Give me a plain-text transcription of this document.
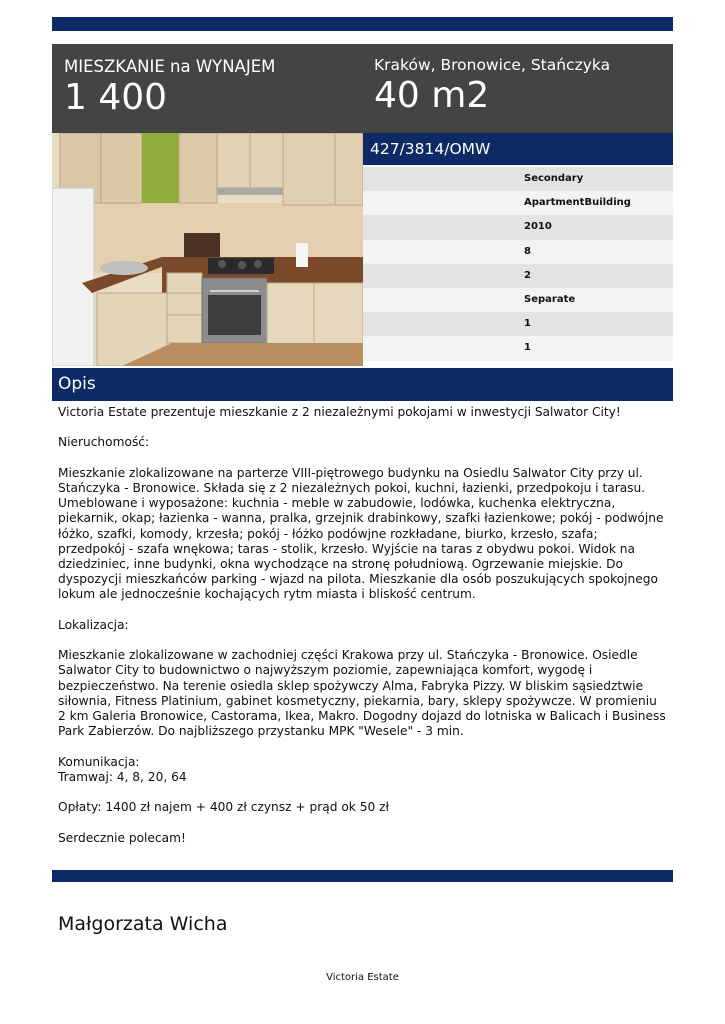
MIESZKANIE na WYNAJEM
1 400
Kraków, Bronowice, Stańczyka
40 m2
427/3814/OMW
Secondary
ApartmentBuilding
2010
8
2
Separate
1
1
Opis

Victoria Estate prezentuje mieszkanie z 2 niezależnymi pokojami w inwestycji Salwator City!

Nieruchomość:

Mieszkanie zlokalizowane na parterze VIII-piętrowego budynku na Osiedlu Salwator City przy ul.
Stańczyka - Bronowice. Składa się z 2 niezależnych pokoi, kuchni, łazienki, przedpokoju i tarasu.
Umeblowane i wyposażone: kuchnia - meble w zabudowie, lodówka, kuchenka elektryczna,
piekarnik, okap; łazienka - wanna, pralka, grzejnik drabinkowy, szafki łazienkowe; pokój - podwójne
łóżko, szafki, komody, krzesła; pokój - łóżko podówjne rozkładane, biurko, krzesło, szafa;
przedpokój - szafa wnękowa; taras - stolik, krzesło. Wyjście na taras z obydwu pokoi. Widok na
dziedziniec, inne budynki, okna wychodzące na stronę południową. Ogrzewanie miejskie. Do
dyspozycji mieszkańców parking - wjazd na pilota. Mieszkanie dla osób poszukujących spokojnego
lokum ale jednocześnie kochających rytm miasta i bliskość centrum.

Lokalizacja:

Mieszkanie zlokalizowane w zachodniej części Krakowa przy ul. Stańczyka - Bronowice. Osiedle
Salwator City to budownictwo o najwyższym poziomie, zapewniająca komfort, wygodę i
bezpieczeństwo. Na terenie osiedla sklep spożywczy Alma, Fabryka Pizzy. W bliskim sąsiedztwie
siłownia, Fitness Platinium, gabinet kosmetyczny, piekarnia, bary, sklepy spożywcze. W promieniu
2 km Galeria Bronowice, Castorama, Ikea, Makro. Dogodny dojazd do lotniska w Balicach i Business
Park Zabierzów. Do najbliższego przystanku MPK "Wesele" - 3 min.

Komunikacja:
Tramwaj: 4, 8, 20, 64

Opłaty: 1400 zł najem + 400 zł czynsz + prąd ok 50 zł

Serdecznie polecam!

Małgorzata Wicha
Victoria Estate
